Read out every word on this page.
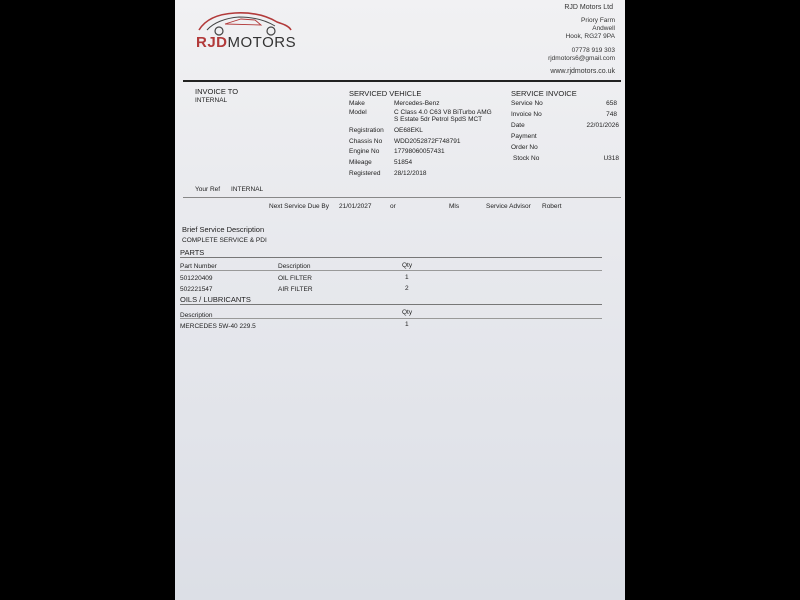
RJDMOTORS
RJD Motors Ltd
Priory Farm
Andwell
Hook, RG27 9PA
07778 919 303
rjdmotors6@gmail.com
www.rjdmotors.co.uk
INVOICE TO
INTERNAL
SERVICED VEHICLE
Make	Mercedes-Benz
Model	C Class 4.0 C63 V8 BiTurbo AMG
S Estate 5dr Petrol SpdS MCT
Registration OE68EKL
Chassis No WDD2052872F748791
Engine No 17798060057431
Mileage	51854
Registered 28/12/2018
SERVICE INVOICE
Service No	658
Invoice No	748
Date	22/01/2026
Payment
Order No
Stock No	U318
Your Ref INTERNAL
Next Service Due By 21/01/2027	or	Mls	Service Advisor Robert
Brief Service Description
COMPLETE SERVICE & PDI
PARTS
Part Number	Description	Qty
501220409	OIL FILTER	1
502221547	AIR FILTER	2
OILS / LUBRICANTS
Description	Qty
MERCEDES 5W-40 229.5	1
